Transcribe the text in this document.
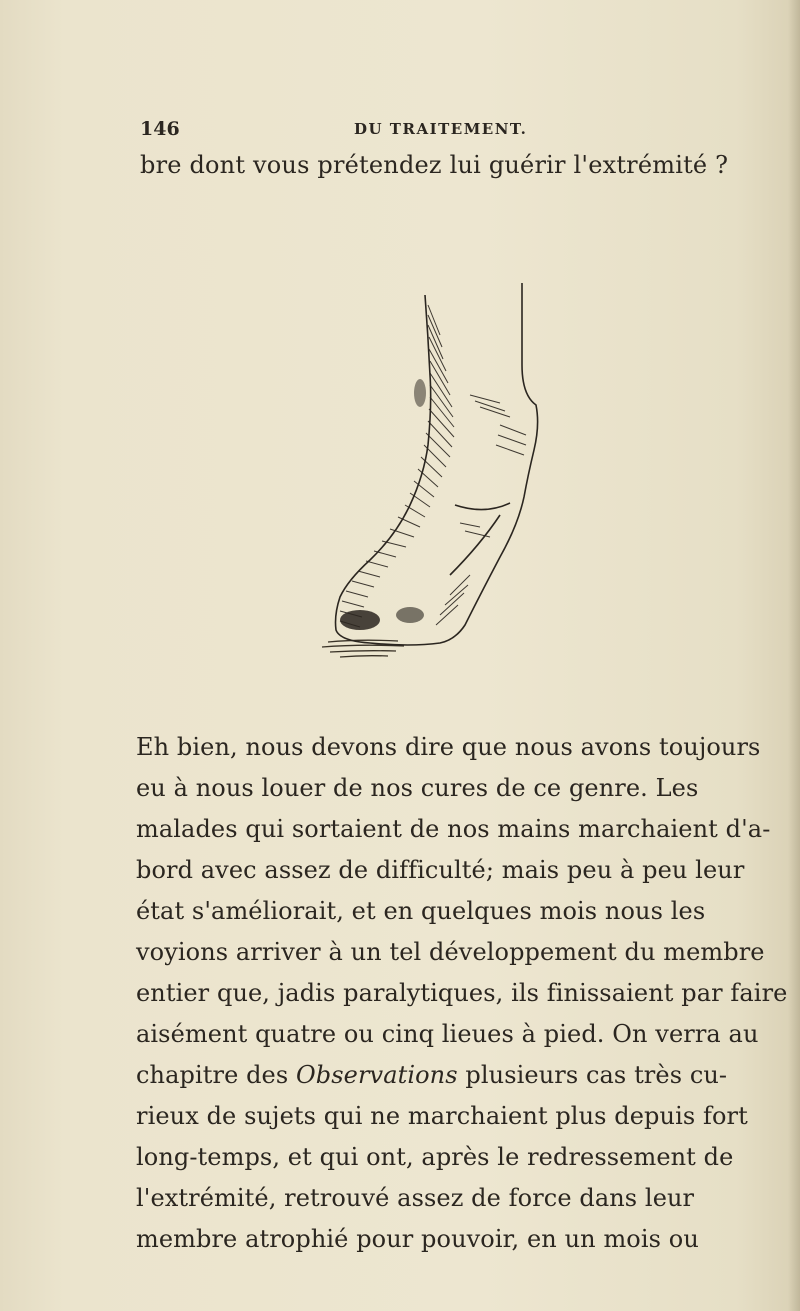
146	DU TRAITEMENT.
bre dont vous prétendez lui guérir l'extrémité ?
Eh bien, nous devons dire que nous avons toujours
eu à nous louer de nos cures de ce genre. Les
malades qui sortaient de nos mains marchaient d'a-
bord avec assez de difficulté; mais peu à peu leur
état s'améliorait, et en quelques mois nous les
voyions arriver à un tel développement du membre
entier que, jadis paralytiques, ils finissaient par faire
aisément quatre ou cinq lieues à pied. On verra au
chapitre des Observations plusieurs cas très cu-
rieux de sujets qui ne marchaient plus depuis fort
long-temps, et qui ont, après le redressement de
l'extrémité, retrouvé assez de force dans leur
membre atrophié pour pouvoir, en un mois ou
